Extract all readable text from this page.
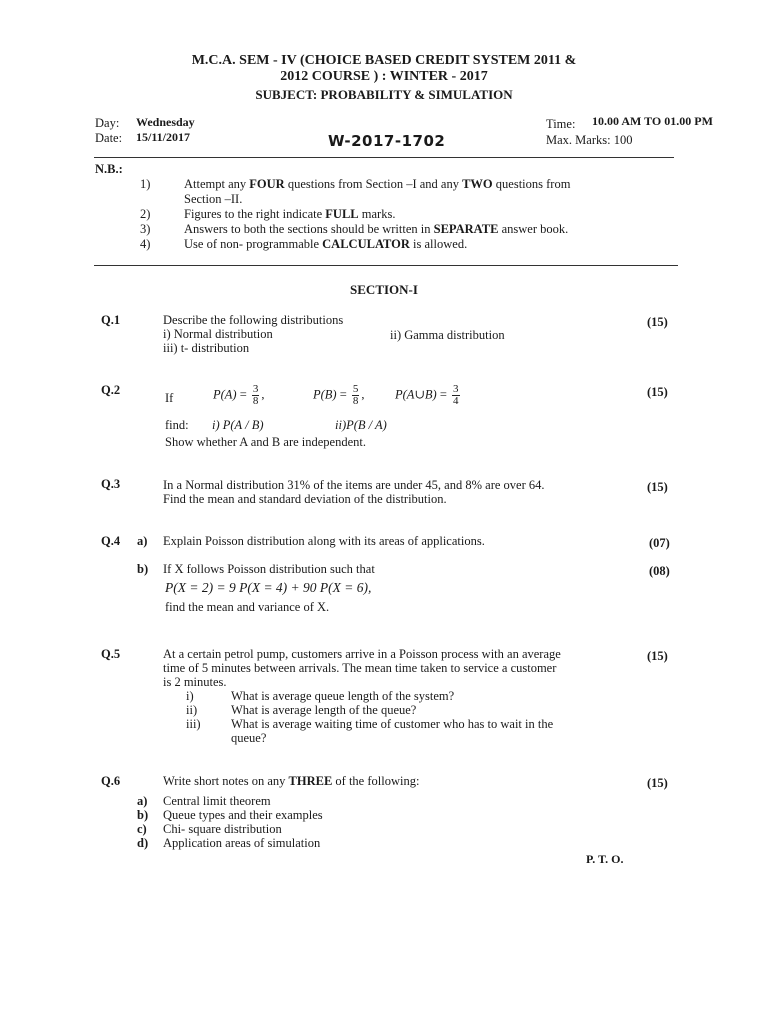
M.C.A. SEM - IV (CHOICE BASED CREDIT SYSTEM 2011 &
2012 COURSE ) : WINTER - 2017
SUBJECT: PROBABILITY & SIMULATION
Day: Wednesday
Date: 15/11/2017	W-2017-1702
Time: 10.00 AM TO 01.00 PM
Max. Marks: 100
N.B.:
1)	Attempt any FOUR questions from Section –I and any TWO questions from
Section –II.
2)	Figures to the right indicate FULL marks.
3)	Answers to both the sections should be written in SEPARATE answer book.
4)	Use of non- programmable CALCULATOR is allowed.
SECTION-I
Q.1	Describe the following distributions	(15)
i) Normal distribution	ii) Gamma distribution
iii) t- distribution
Q.2	(15)
If	$P(A) = \frac{3}{8}$ ,	$P(B) = \frac{5}{8}$ , P(A∪B) = $\frac{3}{4}$
find: i) P(A / B)	ii)P(B / A)
Show whether A and B are independent.
Q.3	In a Normal distribution 31% of the items are under 45, and 8% are over 64.	(15)
Find the mean and standard deviation of the distribution.
Q.4 a) Explain Poisson distribution along with its areas of applications.	(07)
b) If X follows Poisson distribution such that	(08)
P(X = 2) = 9 P(X = 4) + 90 P(X = 6),
find the mean and variance of X.
Q.5	At a certain petrol pump, customers arrive in a Poisson process with an average	(15)
time of 5 minutes between arrivals. The mean time taken to service a customer
is 2 minutes.
i)	What is average queue length of the system?
ii)	What is average length of the queue?
iii) What is average waiting time of customer who has to wait in the
queue?
Q.6	Write short notes on any THREE of the following:	(15)
a) Central limit theorem
b) Queue types and their examples
c) Chi- square distribution
d) Application areas of simulation
P. T. O.
